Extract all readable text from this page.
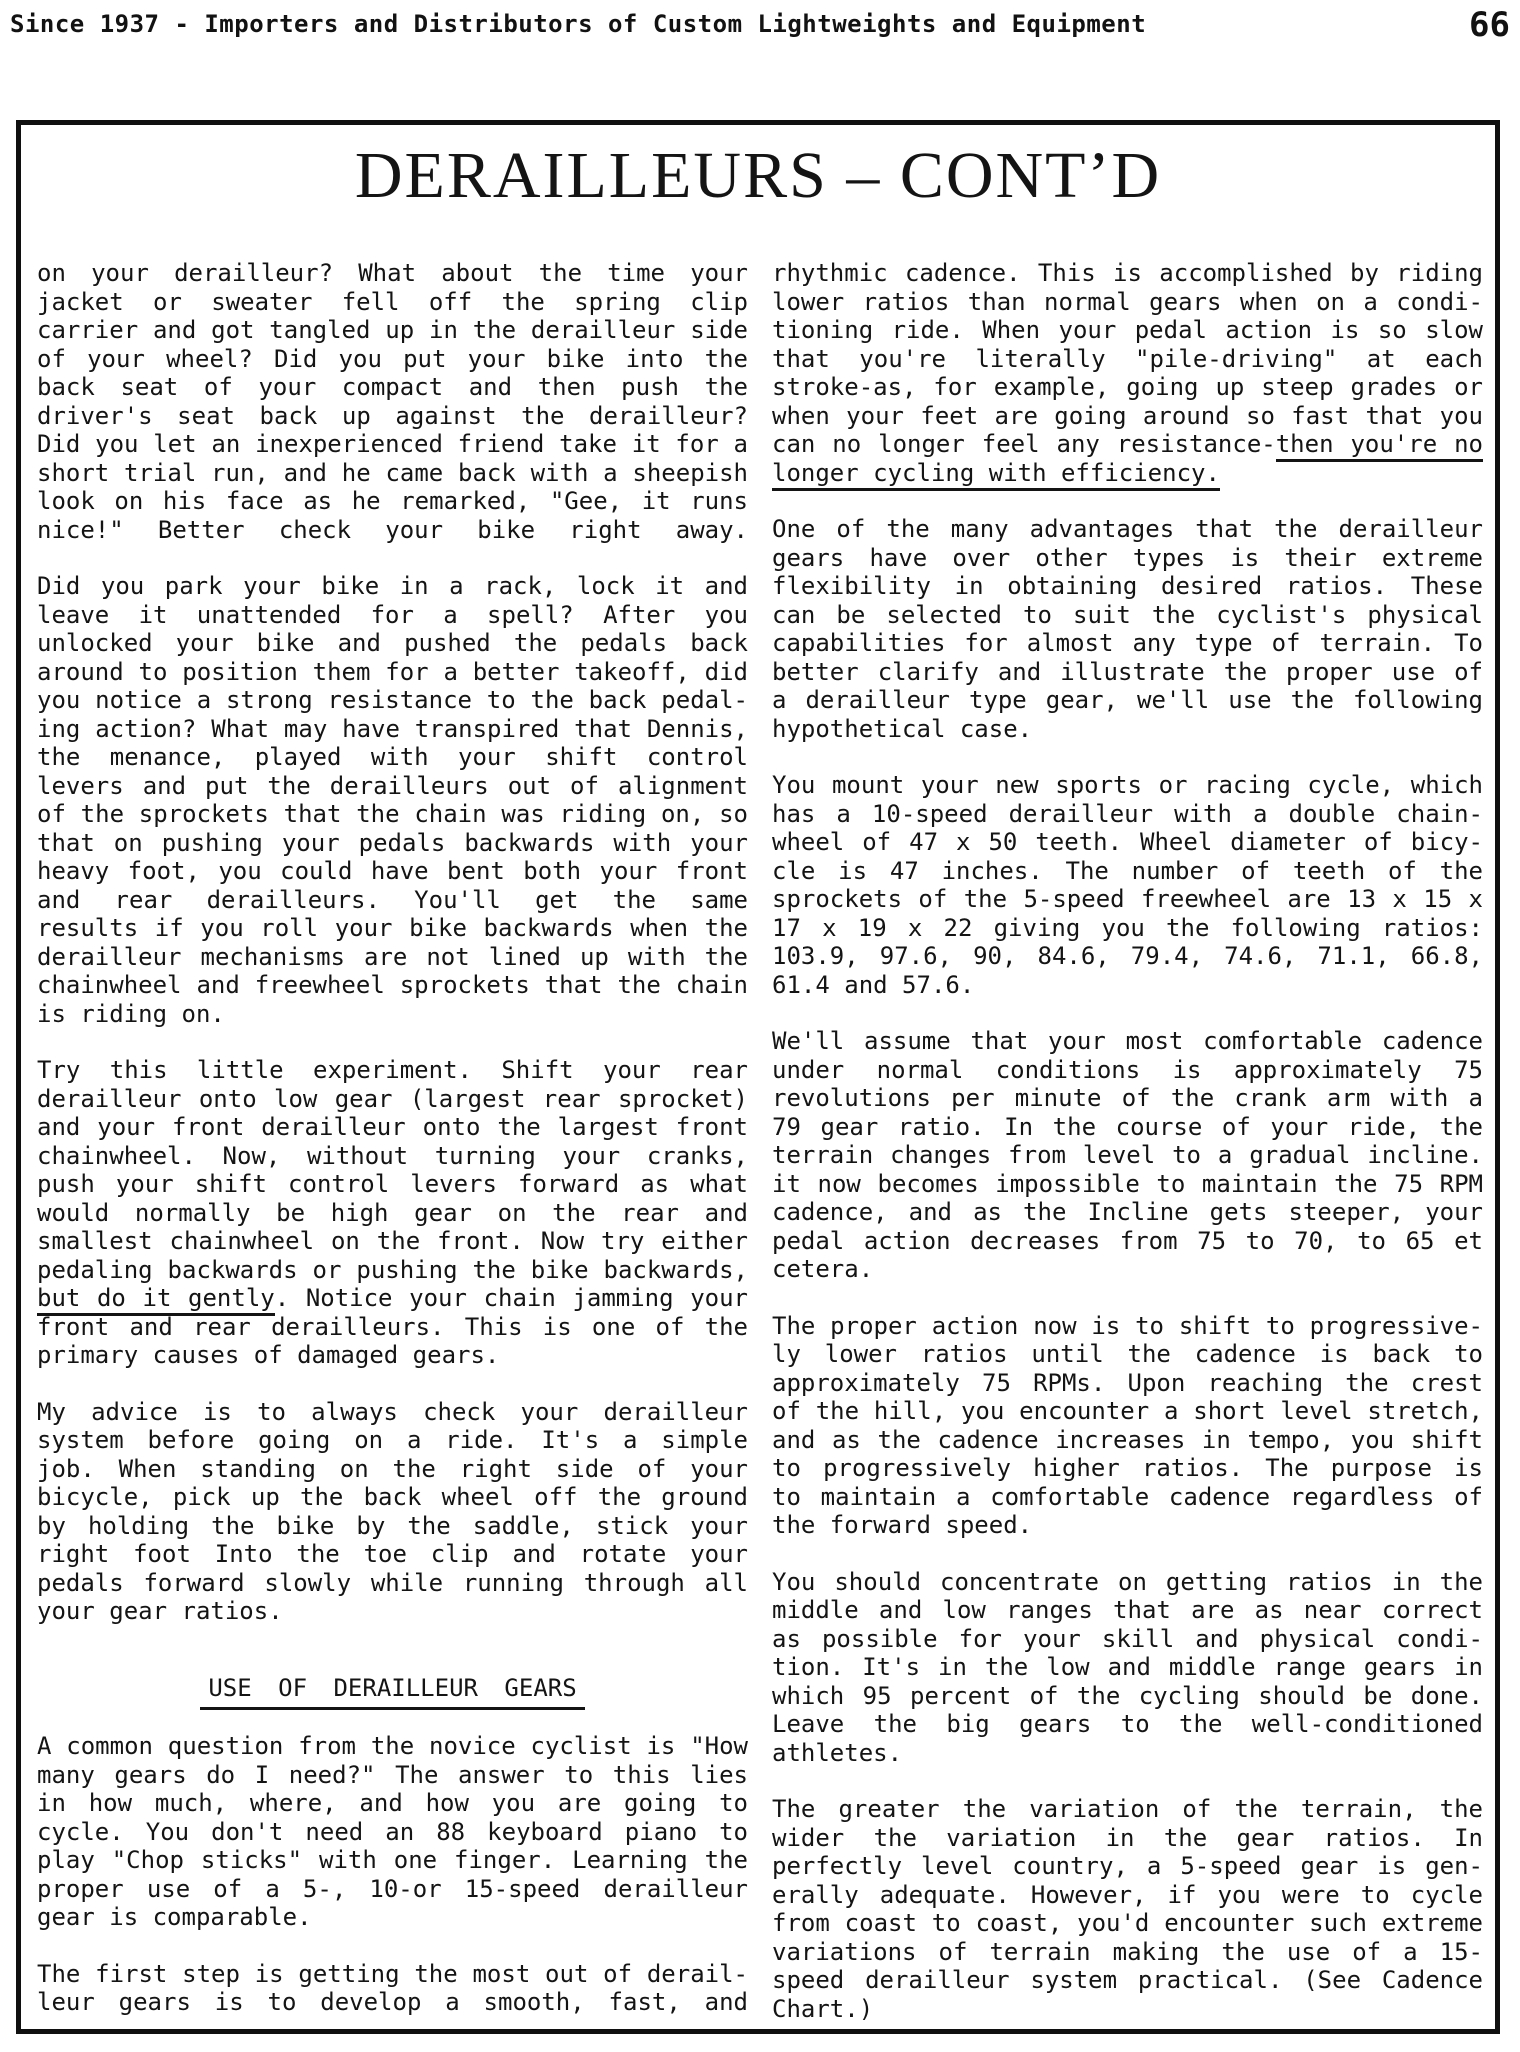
Since 1937 - Importers and Distributors of Custom Lightweights and Equipment	66
DERAILLEURS – CONT’D
on your derailleur? What about the time your
jacket or sweater fell off the spring clip
carrier and got tangled up in the derailleur side
of your wheel? Did you put your bike into the
back seat of your compact and then push the
driver's seat back up against the derailleur?
Did you let an inexperienced friend take it for a
short trial run, and he came back with a sheepish
look on his face as he remarked, "Gee, it runs
nice!" Better check your bike right away.
Did you park your bike in a rack, lock it and
leave it unattended for a spell? After you
unlocked your bike and pushed the pedals back
around to position them for a better takeoff, did
you notice a strong resistance to the back pedal-
ing action? What may have transpired that Dennis,
the menance, played with your shift control
levers and put the derailleurs out of alignment
of the sprockets that the chain was riding on, so
that on pushing your pedals backwards with your
heavy foot, you could have bent both your front
and rear derailleurs. You'll get the same
results if you roll your bike backwards when the
derailleur mechanisms are not lined up with the
chainwheel and freewheel sprockets that the chain
is riding on.
Try this little experiment. Shift your rear
derailleur onto low gear (largest rear sprocket)
and your front derailleur onto the largest front
chainwheel. Now, without turning your cranks,
push your shift control levers forward as what
would normally be high gear on the rear and
smallest chainwheel on the front. Now try either
pedaling backwards or pushing the bike backwards,
but do it gently. Notice your chain jamming your
front and rear derailleurs. This is one of the
primary causes of damaged gears.
My advice is to always check your derailleur
system before going on a ride. It's a simple
job. When standing on the right side of your
bicycle, pick up the back wheel off the ground
by holding the bike by the saddle, stick your
right foot Into the toe clip and rotate your
pedals forward slowly while running through all
your gear ratios.
USE OF DERAILLEUR GEARS
A common question from the novice cyclist is "How
many gears do I need?" The answer to this lies
in how much, where, and how you are going to
cycle. You don't need an 88 keyboard piano to
play "Chop sticks" with one finger. Learning the
proper use of a 5-, 10-or 15-speed derailleur
gear is comparable.
The first step is getting the most out of derail-
leur gears is to develop a smooth, fast, and
rhythmic cadence. This is accomplished by riding
lower ratios than normal gears when on a condi-
tioning ride. When your pedal action is so slow
that you're literally "pile-driving" at each
stroke-as, for example, going up steep grades or
when your feet are going around so fast that you
can no longer feel any resistance-then you're no
longer cycling with efficiency.
One of the many advantages that the derailleur
gears have over other types is their extreme
flexibility in obtaining desired ratios. These
can be selected to suit the cyclist's physical
capabilities for almost any type of terrain. To
better clarify and illustrate the proper use of
a derailleur type gear, we'll use the following
hypothetical case.
You mount your new sports or racing cycle, which
has a 10-speed derailleur with a double chain-
wheel of 47 x 50 teeth. Wheel diameter of bicy-
cle is 47 inches. The number of teeth of the
sprockets of the 5-speed freewheel are 13 x 15 x
17 x 19 x 22 giving you the following ratios:
103.9, 97.6, 90, 84.6, 79.4, 74.6, 71.1, 66.8,
61.4 and 57.6.
We'll assume that your most comfortable cadence
under normal conditions is approximately 75
revolutions per minute of the crank arm with a
79 gear ratio. In the course of your ride, the
terrain changes from level to a gradual incline.
it now becomes impossible to maintain the 75 RPM
cadence, and as the Incline gets steeper, your
pedal action decreases from 75 to 70, to 65 et
cetera.
The proper action now is to shift to progressive-
ly lower ratios until the cadence is back to
approximately 75 RPMs. Upon reaching the crest
of the hill, you encounter a short level stretch,
and as the cadence increases in tempo, you shift
to progressively higher ratios. The purpose is
to maintain a comfortable cadence regardless of
the forward speed.
You should concentrate on getting ratios in the
middle and low ranges that are as near correct
as possible for your skill and physical condi-
tion. It's in the low and middle range gears in
which 95 percent of the cycling should be done.
Leave the big gears to the well-conditioned
athletes.
The greater the variation of the terrain, the
wider the variation in the gear ratios. In
perfectly level country, a 5-speed gear is gen-
erally adequate. However, if you were to cycle
from coast to coast, you'd encounter such extreme
variations of terrain making the use of a 15-
speed derailleur system practical. (See Cadence
Chart.)
